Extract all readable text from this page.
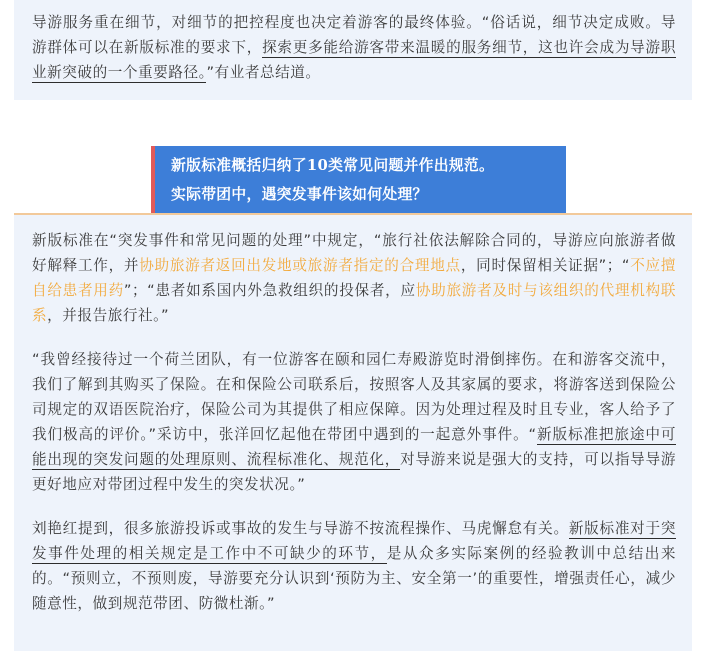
导游服务重在细节，对细节的把控程度也决定着游客的最终体验。“俗话说，细节决定成败。导游群体可以在新版标准的要求下，探索更多能给游客带来温暖的服务细节，这也许会成为导游职业新突破的一个重要路径。”有业者总结道。

新版标准概括归纳了10类常见问题并作出规范。
实际带团中，遇突发事件该如何处理？

新版标准在“突发事件和常见问题的处理”中规定，“旅行社依法解除合同的，导游应向旅游者做好解释工作，并协助旅游者返回出发地或旅游者指定的合理地点，同时保留相关证据”；“不应擅自给患者用药”；“患者如系国内外急救组织的投保者，应协助旅游者及时与该组织的代理机构联系，并报告旅行社。”

“我曾经接待过一个荷兰团队，有一位游客在颐和园仁寿殿游览时滑倒摔伤。在和游客交流中，我们了解到其购买了保险。在和保险公司联系后，按照客人及其家属的要求，将游客送到保险公司规定的双语医院治疗，保险公司为其提供了相应保障。因为处理过程及时且专业，客人给予了我们极高的评价。”采访中，张洋回忆起他在带团中遇到的一起意外事件。“新版标准把旅途中可能出现的突发问题的处理原则、流程标准化、规范化，对导游来说是强大的支持，可以指导导游更好地应对带团过程中发生的突发状况。”

刘艳红提到，很多旅游投诉或事故的发生与导游不按流程操作、马虎懈怠有关。新版标准对于突发事件处理的相关规定是工作中不可缺少的环节，是从众多实际案例的经验教训中总结出来的。“预则立，不预则废，导游要充分认识到‘预防为主、安全第一’的重要性，增强责任心，减少随意性，做到规范带团、防微杜渐。”
